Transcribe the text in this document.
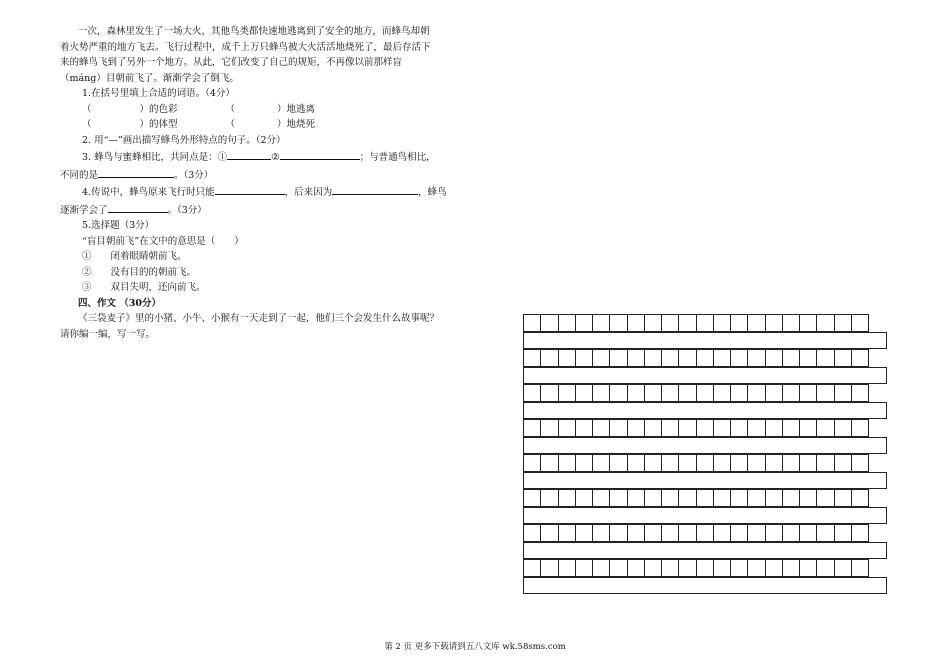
一次，森林里发生了一场大火，其他鸟类都快速地逃离到了安全的地方，而蜂鸟却朝
着火势严重的地方飞去。飞行过程中，成千上万只蜂鸟被大火活活地烧死了，最后存活下
来的蜂鸟飞到了另外一个地方。从此，它们改变了自己的规矩，不再像以前那样盲
（máng）目朝前飞了。渐渐学会了倒飞。
1.在括号里填上合适的词语。（4分）
（	）的色彩	（	）地逃离
（	）的体型	（	）地烧死
2. 用“—”画出描写蜂鸟外形特点的句子。（2分）
3. 蜂鸟与蜜蜂相比，共同点是：①	②	；与普通鸟相比，
不同的是	。（3分）
4.传说中，蜂鸟原来飞行时只能	，后来因为	，蜂鸟
逐渐学会了	。（3分）
5.选择题（3分）
“盲目朝前飞”在文中的意思是（　　）
①　　闭着眼睛朝前飞。
②　　没有目的的朝前飞。
③　　双目失明，还向前飞。
四、作文 （30分）
《三袋麦子》里的小猪、小牛、小猴有一天走到了一起，他们三个会发生什么故事呢？
请你编一编，写一写。
第 2 页 更多下载请到五八文库 wk.58sms.com
